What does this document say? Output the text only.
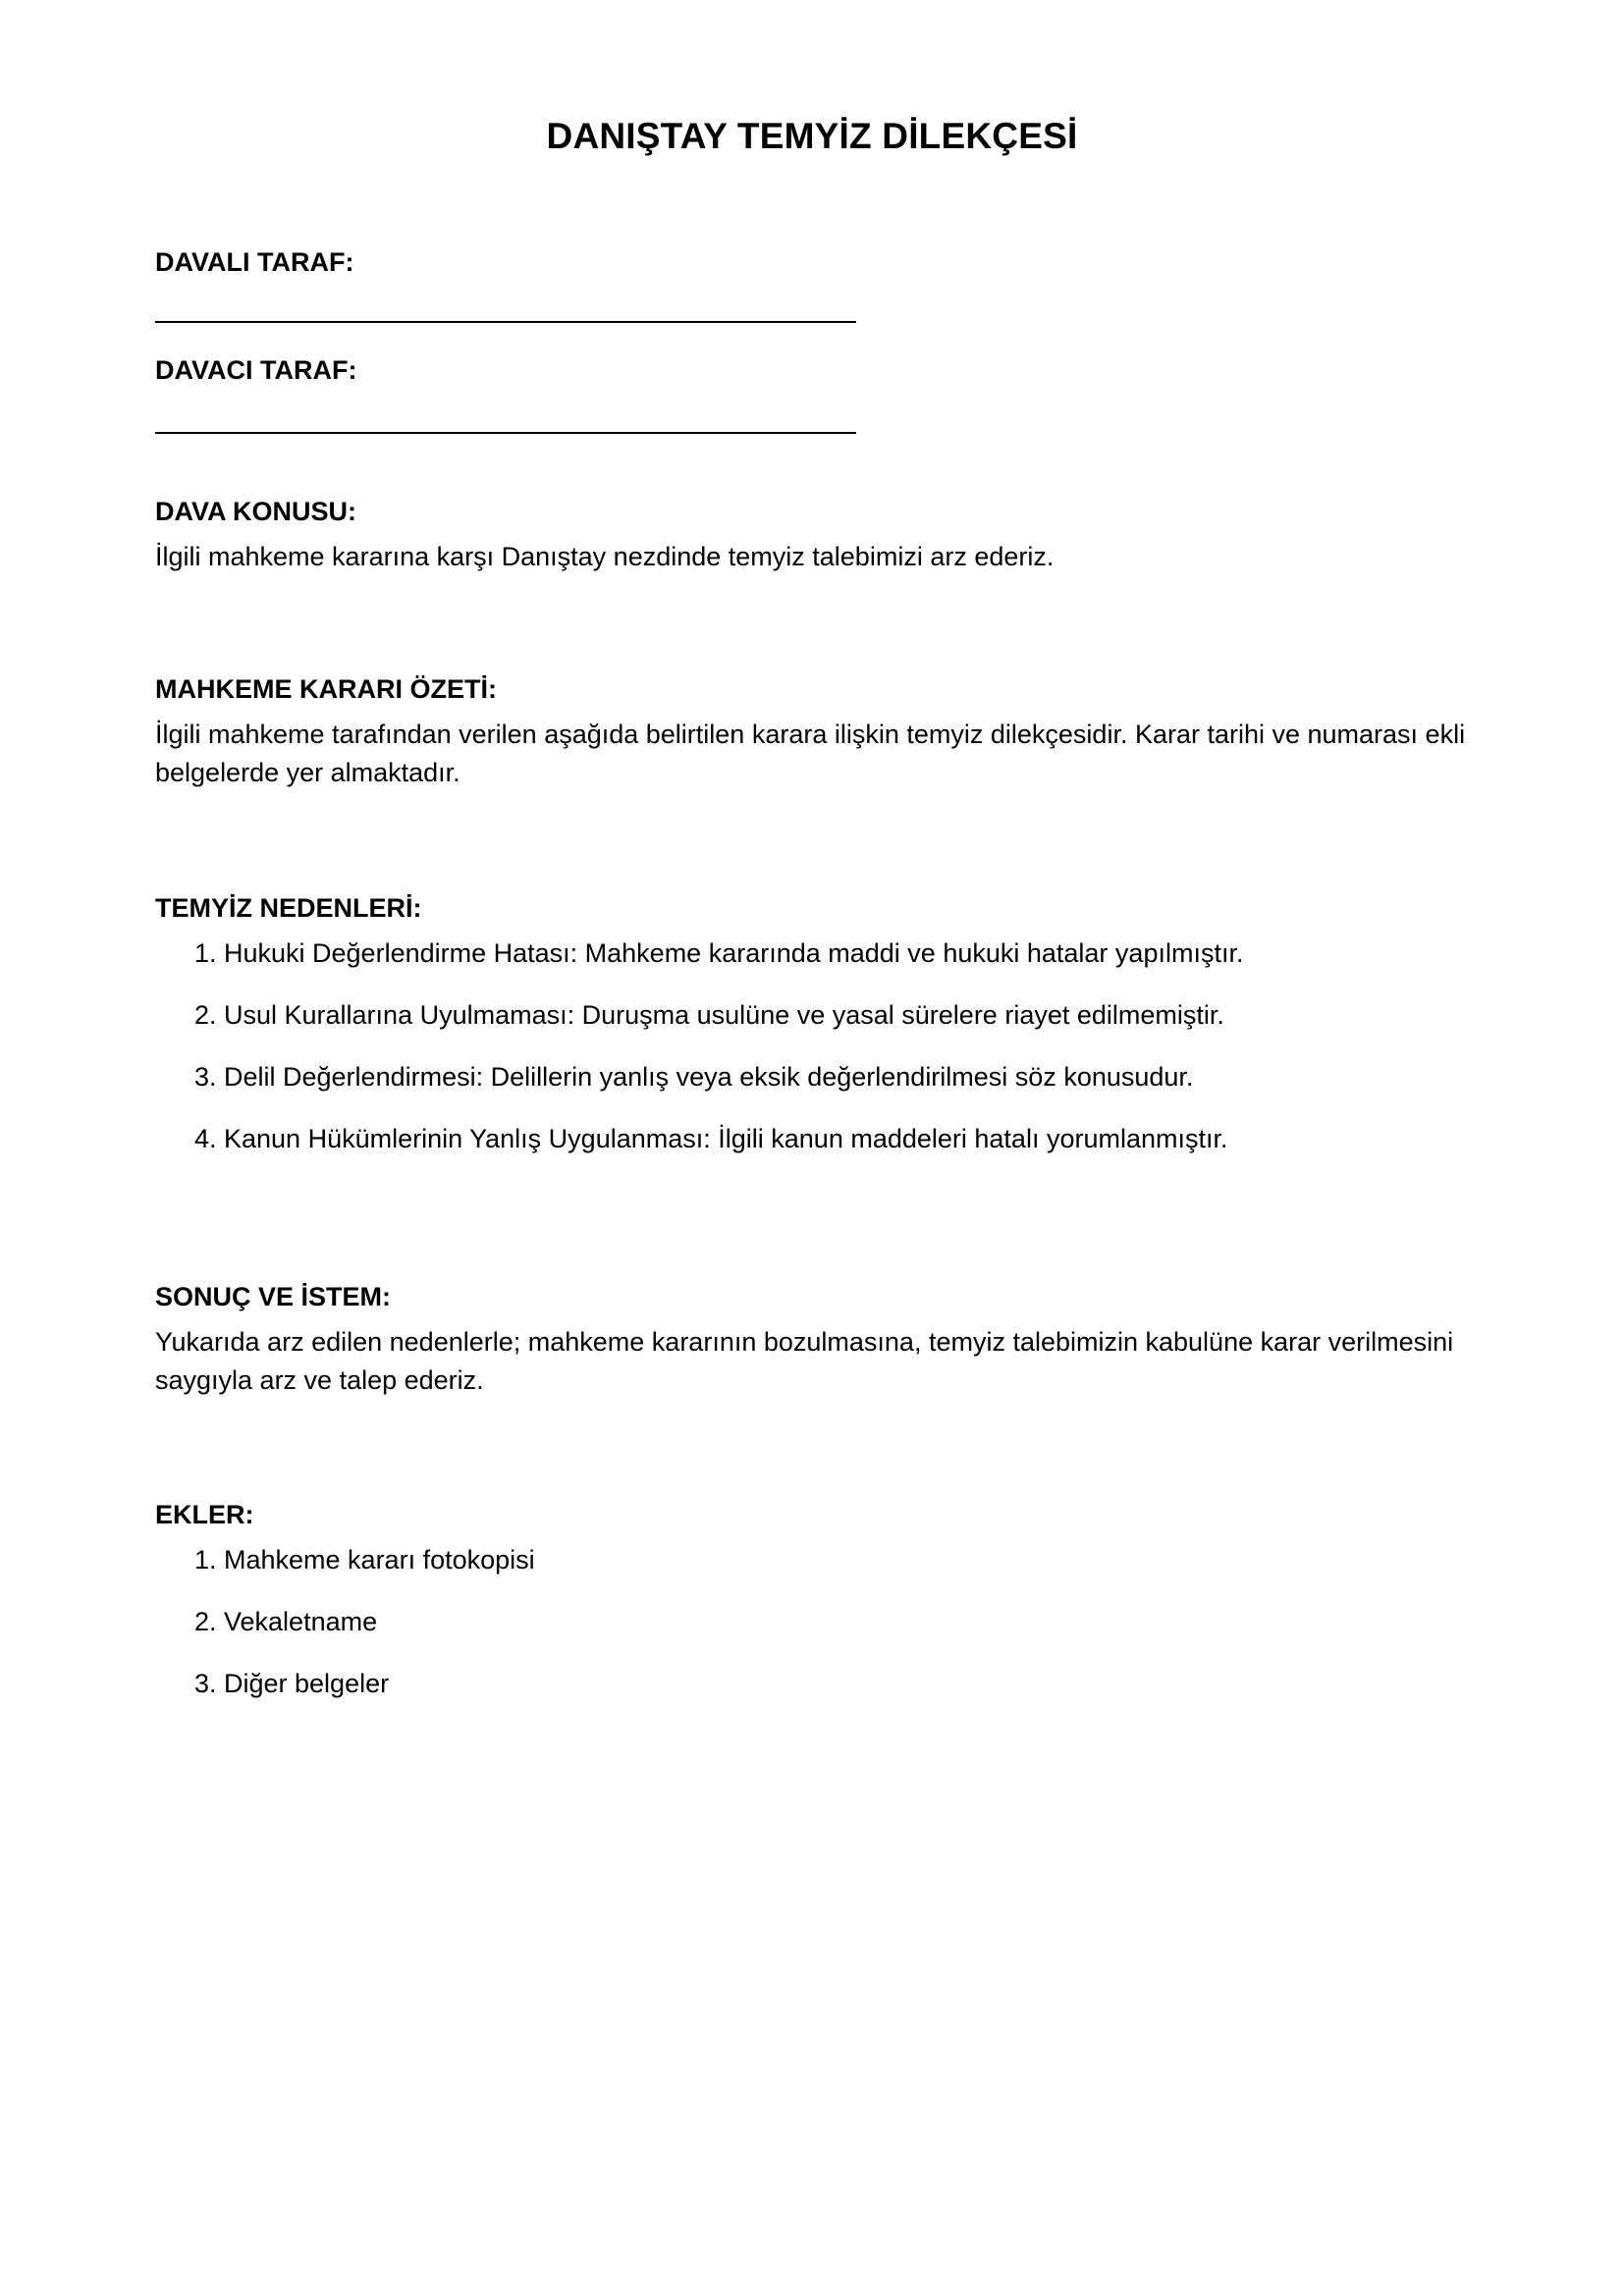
DANIŞTAY TEMYİZ DİLEKÇESİ
DAVALI TARAF:
DAVACI TARAF:
DAVA KONUSU:

İlgili mahkeme kararına karşı Danıştay nezdinde temyiz talebimizi arz ederiz.

MAHKEME KARARI ÖZETİ:

İlgili mahkeme tarafından verilen aşağıda belirtilen karara ilişkin temyiz dilekçesidir. Karar tarihi ve numarası ekli belgelerde yer almaktadır.

TEMYİZ NEDENLERİ:
1. Hukuki Değerlendirme Hatası: Mahkeme kararında maddi ve hukuki hatalar yapılmıştır.
2. Usul Kurallarına Uyulmaması: Duruşma usulüne ve yasal sürelere riayet edilmemiştir.
3. Delil Değerlendirmesi: Delillerin yanlış veya eksik değerlendirilmesi söz konusudur.
4. Kanun Hükümlerinin Yanlış Uygulanması: İlgili kanun maddeleri hatalı yorumlanmıştır.
SONUÇ VE İSTEM:

Yukarıda arz edilen nedenlerle; mahkeme kararının bozulmasına, temyiz talebimizin kabulüne karar verilmesini saygıyla arz ve talep ederiz.

EKLER:
1. Mahkeme kararı fotokopisi
2. Vekaletname
3. Diğer belgeler
